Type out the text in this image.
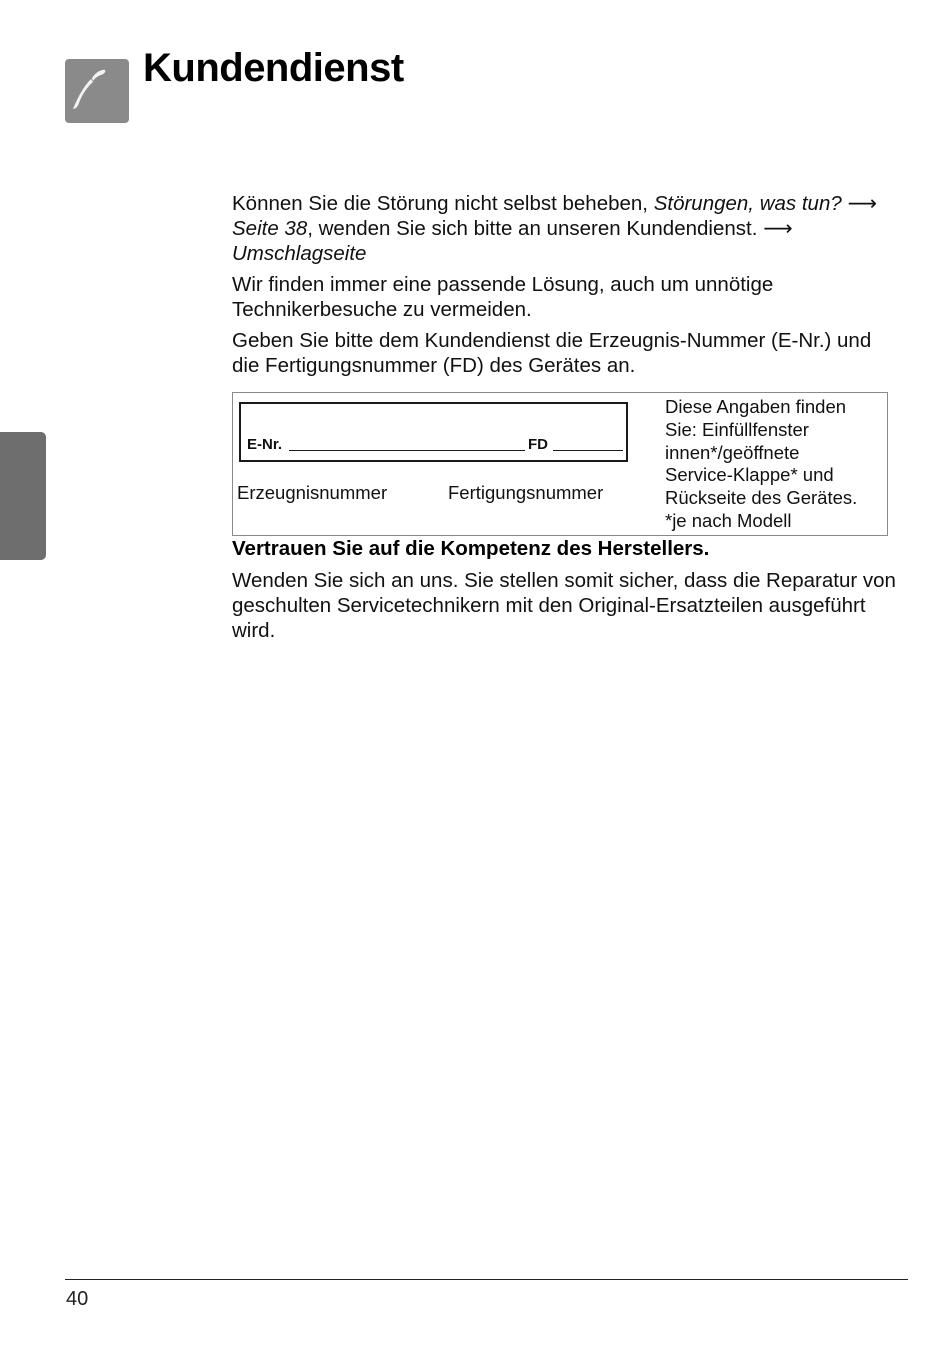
Kundendienst

Können Sie die Störung nicht selbst beheben, Störungen, was tun? ⟶ Seite 38, wenden Sie sich bitte an unseren Kundendienst. ⟶ Umschlagseite

Wir finden immer eine passende Lösung, auch um unnötige Technikerbesuche zu vermeiden.

Geben Sie bitte dem Kundendienst die Erzeugnis-Nummer (E-Nr.) und die Fertigungsnummer (FD) des Gerätes an.

E-Nr.	FD
Erzeugnisnummer	Fertigungsnummer
Diese Angaben finden
Sie: Einfüllfenster
innen*/geöffnete
Service-Klappe* und
Rückseite des Gerätes.
*je nach Modell

Vertrauen Sie auf die Kompetenz des Herstellers.

Wenden Sie sich an uns. Sie stellen somit sicher, dass die Reparatur von geschulten Servicetechnikern mit den Original-Ersatzteilen ausgeführt wird.

40
